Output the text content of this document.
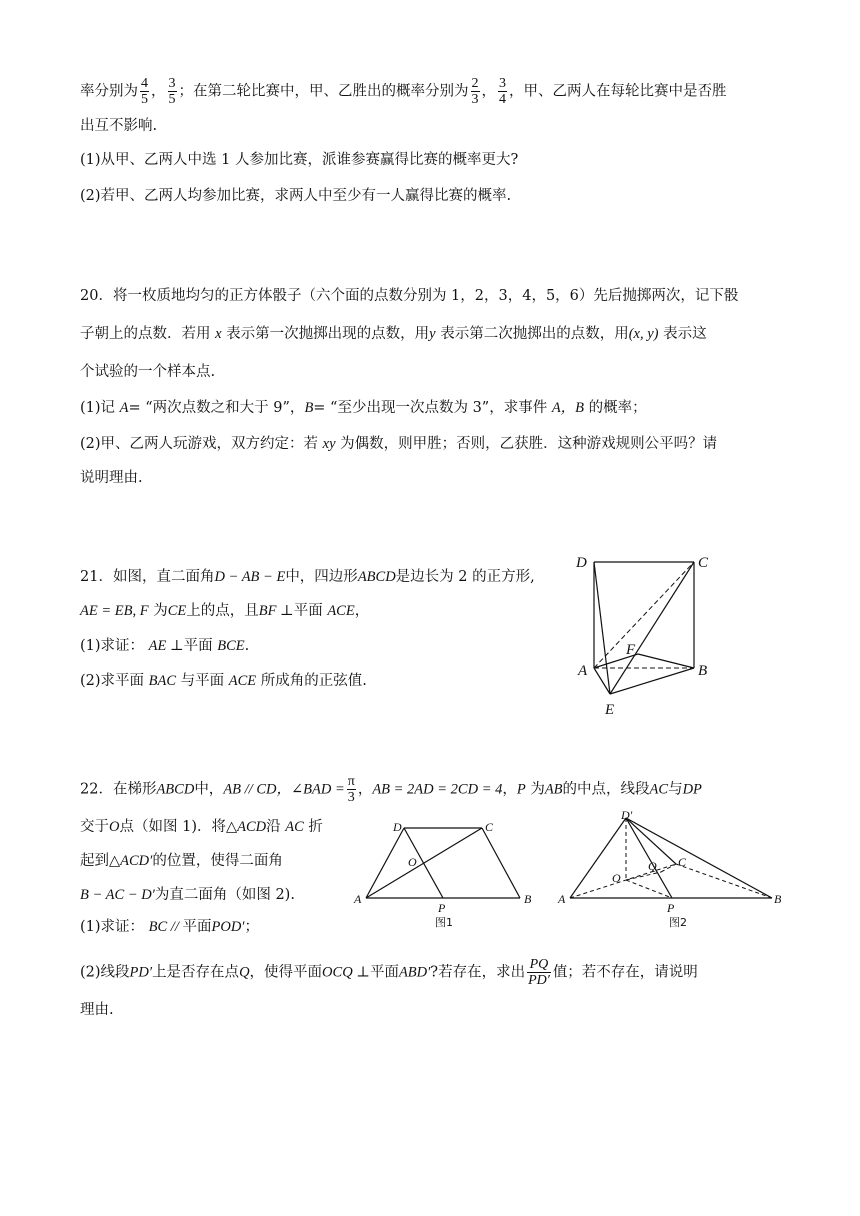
率分别为 $\frac{4}{5}$ ， $\frac{3}{5}$ ；在第二轮比赛中，甲、乙胜出的概率分别为 $\frac{2}{3}$ ， $\frac{3}{4}$ ，甲、乙两人在每轮比赛中是否胜
出互不影响.
(1)从甲、乙两人中选 1 人参加比赛，派谁参赛赢得比赛的概率更大?
(2)若甲、乙两人均参加比赛，求两人中至少有一人赢得比赛的概率.
20．将一枚质地均匀的正方体骰子（六个面的点数分别为 1，2，3，4，5，6）先后抛掷两次，记下骰
子朝上的点数．若用 x 表示第一次抛掷出现的点数，用y 表示第二次抛掷出的点数，用(x, y) 表示这
个试验的一个样本点.
(1)记 A= “两次点数之和大于 9”，B= “至少出现一次点数为 3”，求事件 A，B 的概率；
(2)甲、乙两人玩游戏，双方约定：若 xy 为偶数，则甲胜；否则，乙获胜．这种游戏规则公平吗？请
说明理由.
21．如图，直二面角D − AB − E中，四边形ABCD是边长为 2 的正方形,
AE = EB, F 为CE上的点，且BF ⊥平面 ACE，
(1)求证： AE ⊥平面 BCE.
(2)求平面 BAC 与平面 ACE 所成角的正弦值.
D	C
A	B
F
E
22．在梯形ABCD中，AB // CD，∠BAD = $\frac{\pi}{3}$ ，AB = 2AD = 2CD = 4，P 为AB的中点，线段AC与DP
交于O点（如图 1)．将△ACD沿 AC 折
起到△ACD′的位置，使得二面角
B − AC − D′为直二面角（如图 2).
(1)求证： BC // 平面POD′；
(2)线段PD′上是否存在点Q，使得平面OCQ ⊥平面ABD′?若存在，求出 $\frac{PQ}{PD'}$ 值；若不存在，请说明
理由.
D	C
O
A
P
B
图1
D′
Q C
O
A
P
B
图2
